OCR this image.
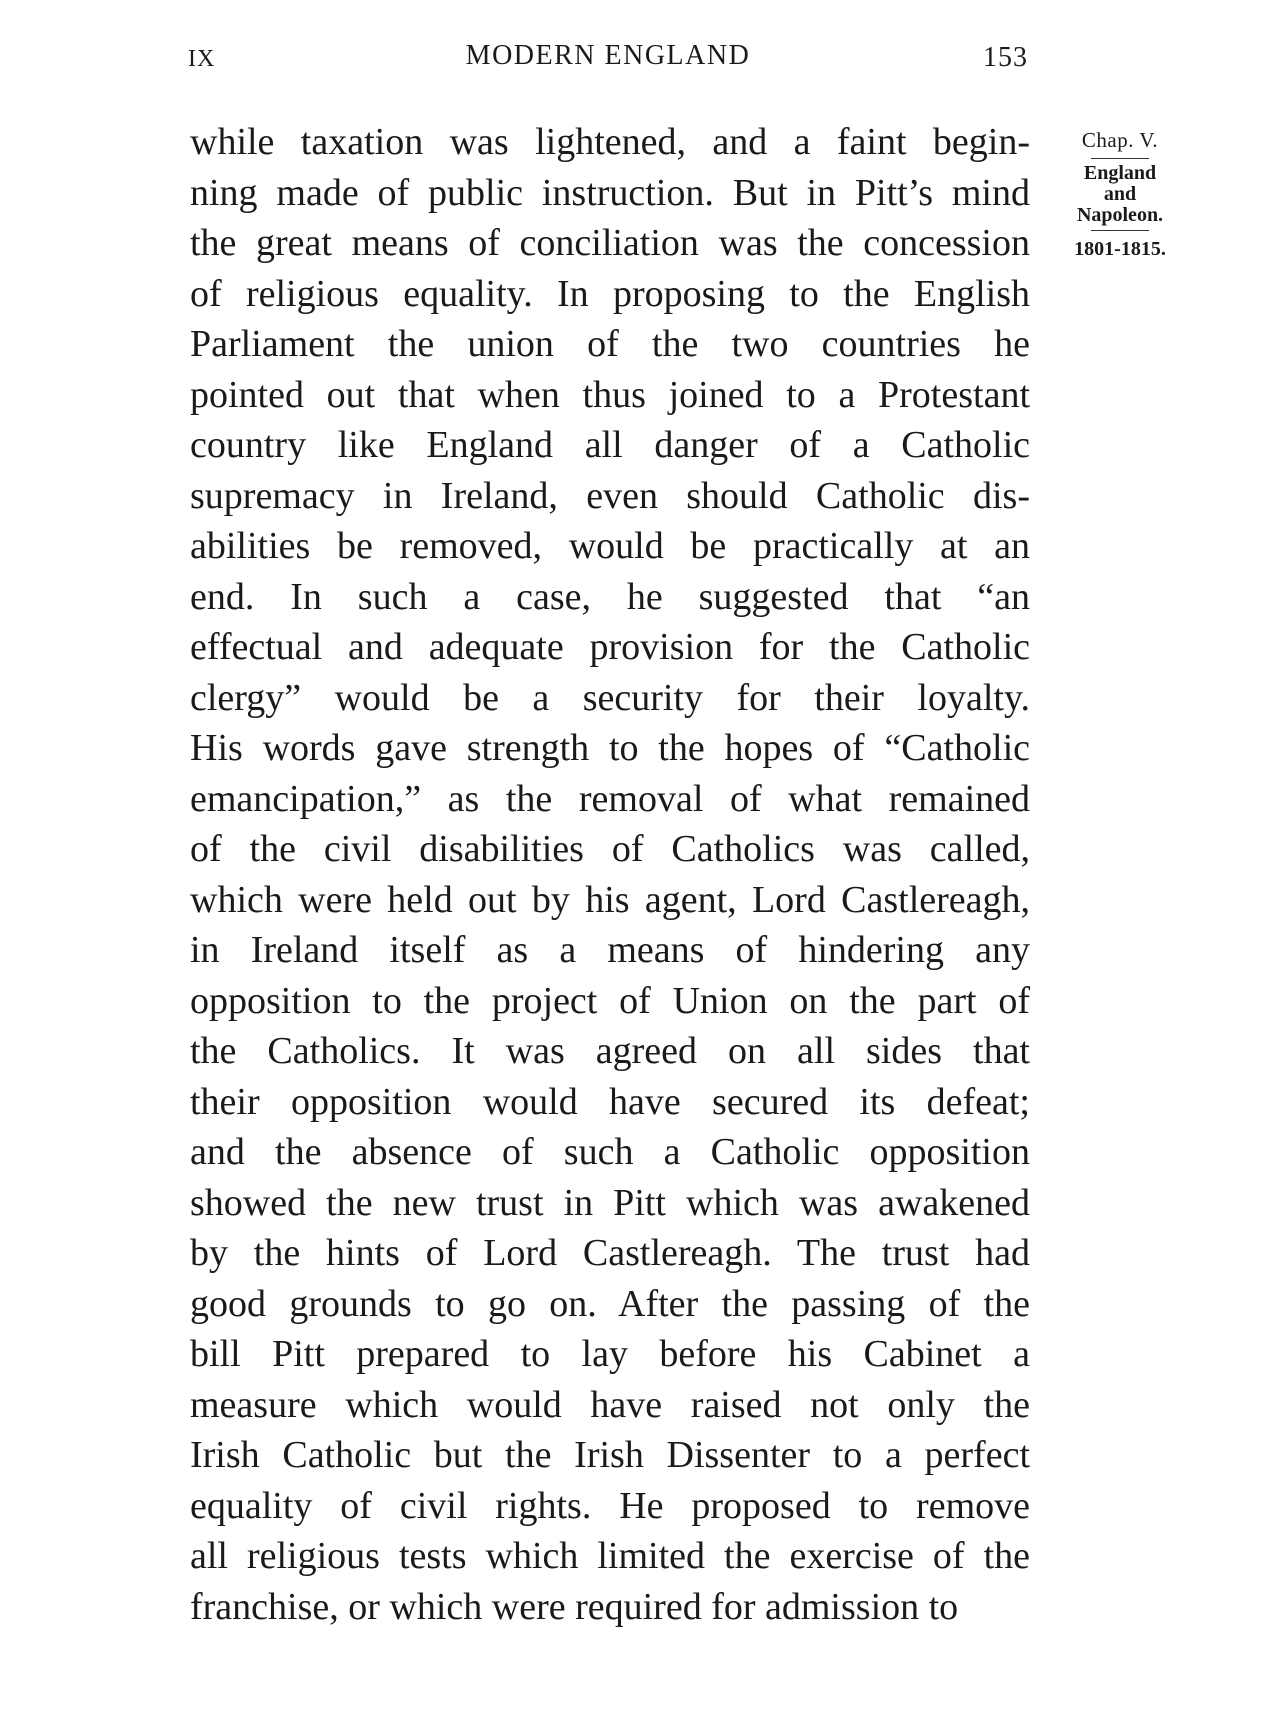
IX	MODERN ENGLAND	153
while taxation was lightened, and a faint begin-
ning made of public instruction. But in Pitt’s mind
the great means of conciliation was the concession
of religious equality. In proposing to the English
Parliament the union of the two countries he
pointed out that when thus joined to a Protestant
country like England all danger of a Catholic
supremacy in Ireland, even should Catholic dis-
abilities be removed, would be practically at an
end. In such a case, he suggested that “an
effectual and adequate provision for the Catholic
clergy” would be a security for their loyalty.
His words gave strength to the hopes of “Catholic
emancipation,” as the removal of what remained
of the civil disabilities of Catholics was called,
which were held out by his agent, Lord Castlereagh,
in Ireland itself as a means of hindering any
opposition to the project of Union on the part of
the Catholics. It was agreed on all sides that
their opposition would have secured its defeat;
and the absence of such a Catholic opposition
showed the new trust in Pitt which was awakened
by the hints of Lord Castlereagh. The trust had
good grounds to go on. After the passing of the
bill Pitt prepared to lay before his Cabinet a
measure which would have raised not only the
Irish Catholic but the Irish Dissenter to a perfect
equality of civil rights. He proposed to remove
all religious tests which limited the exercise of the
franchise, or which were required for admission to
Chap. V.
England
and
Napoleon.
1801-1815.
